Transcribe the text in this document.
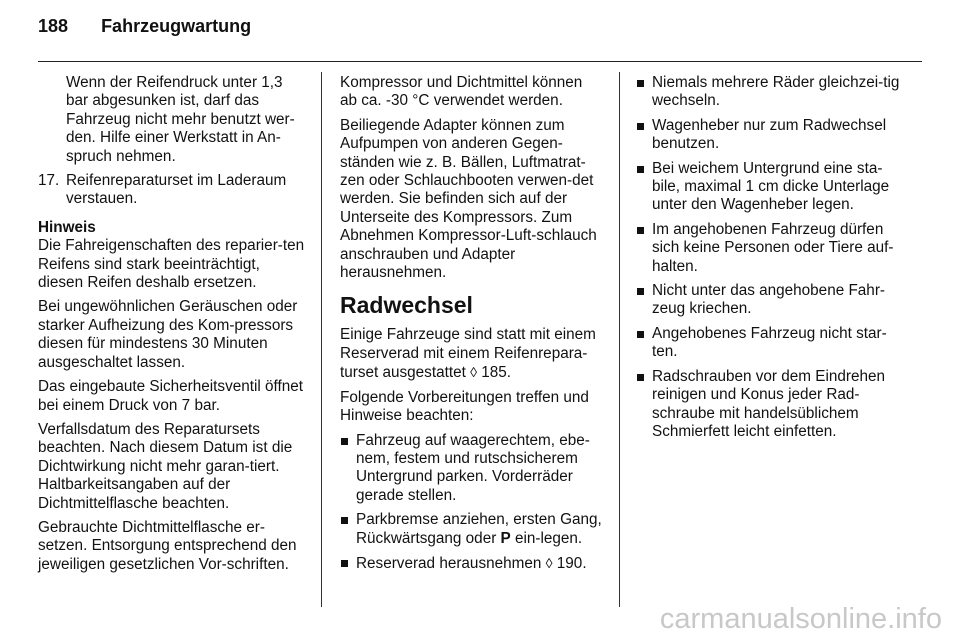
188 Fahrzeugwartung

Wenn der Reifendruck unter 1,3 bar abgesunken ist, darf das Fahrzeug nicht mehr benutzt wer-den. Hilfe einer Werkstatt in An-spruch nehmen.

17. Reifenreparaturset im Laderaum verstauen.
Hinweis

Die Fahreigenschaften des reparier-ten Reifens sind stark beeinträchtigt, diesen Reifen deshalb ersetzen.

Bei ungewöhnlichen Geräuschen oder starker Aufheizung des Kom-pressors diesen für mindestens 30 Minuten ausgeschaltet lassen.

Das eingebaute Sicherheitsventil öffnet bei einem Druck von 7 bar.

Verfallsdatum des Reparatursets beachten. Nach diesem Datum ist die Dichtwirkung nicht mehr garan-tiert. Haltbarkeitsangaben auf der Dichtmittelflasche beachten.

Gebrauchte Dichtmittelflasche er-setzen. Entsorgung entsprechend den jeweiligen gesetzlichen Vor-schriften.

Kompressor und Dichtmittel können ab ca. -30 °C verwendet werden.

Beiliegende Adapter können zum Aufpumpen von anderen Gegen-ständen wie z. B. Bällen, Luftmatrat-zen oder Schlauchbooten verwen-det werden. Sie befinden sich auf der Unterseite des Kompressors. Zum Abnehmen Kompressor-Luft-schlauch anschrauben und Adapter herausnehmen.

Radwechsel

Einige Fahrzeuge sind statt mit einem Reserverad mit einem Reifenrepara-turset ausgestattet ◊ 185.

Folgende Vorbereitungen treffen und Hinweise beachten:

Fahrzeug auf waagerechtem, ebe-nem, festem und rutschsicherem Untergrund parken. Vorderräder gerade stellen.
Parkbremse anziehen, ersten Gang, Rückwärtsgang oder P ein-legen.
Reserverad herausnehmen ◊ 190.
Niemals mehrere Räder gleichzei-tig wechseln.
Wagenheber nur zum Radwechsel benutzen.
Bei weichem Untergrund eine sta-bile, maximal 1 cm dicke Unterlage unter den Wagenheber legen.
Im angehobenen Fahrzeug dürfen sich keine Personen oder Tiere auf-halten.
Nicht unter das angehobene Fahr-zeug kriechen.
Angehobenes Fahrzeug nicht star-ten.
Radschrauben vor dem Eindrehen reinigen und Konus jeder Rad-schraube mit handelsüblichem Schmierfett leicht einfetten.
carmanualsonline.info
